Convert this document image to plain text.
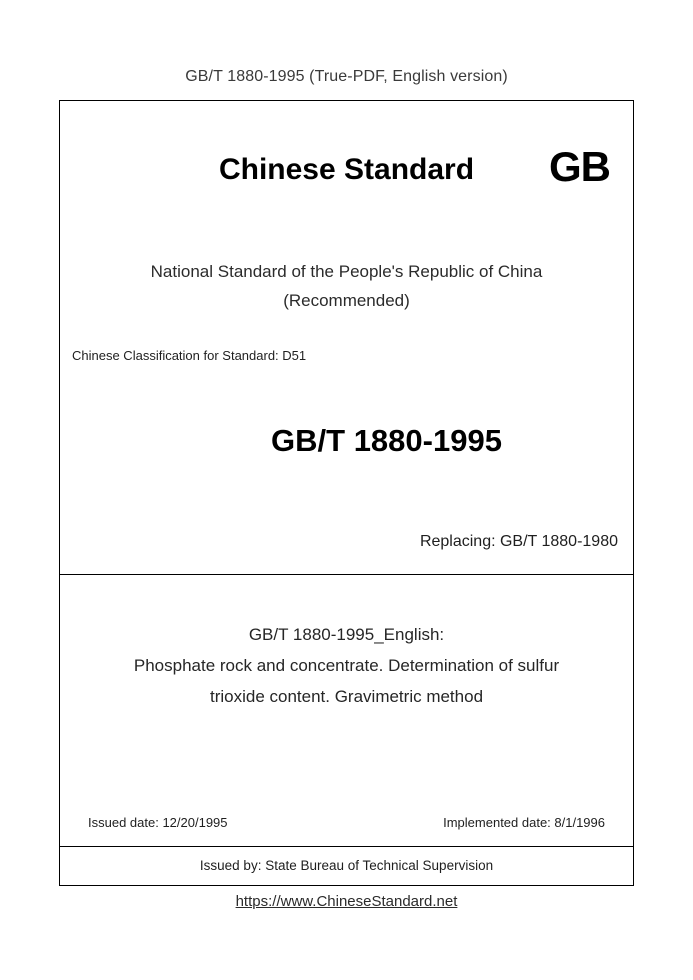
GB/T 1880-1995 (True-PDF, English version)
Chinese Standard	GB
National Standard of the People's Republic of China
(Recommended)
Chinese Classification for Standard: D51
GB/T 1880-1995
Replacing: GB/T 1880-1980
GB/T 1880-1995_English:
Phosphate rock and concentrate. Determination of sulfur
trioxide content. Gravimetric method
Issued date: 12/20/1995	Implemented date: 8/1/1996
Issued by: State Bureau of Technical Supervision
https://www.ChineseStandard.net
